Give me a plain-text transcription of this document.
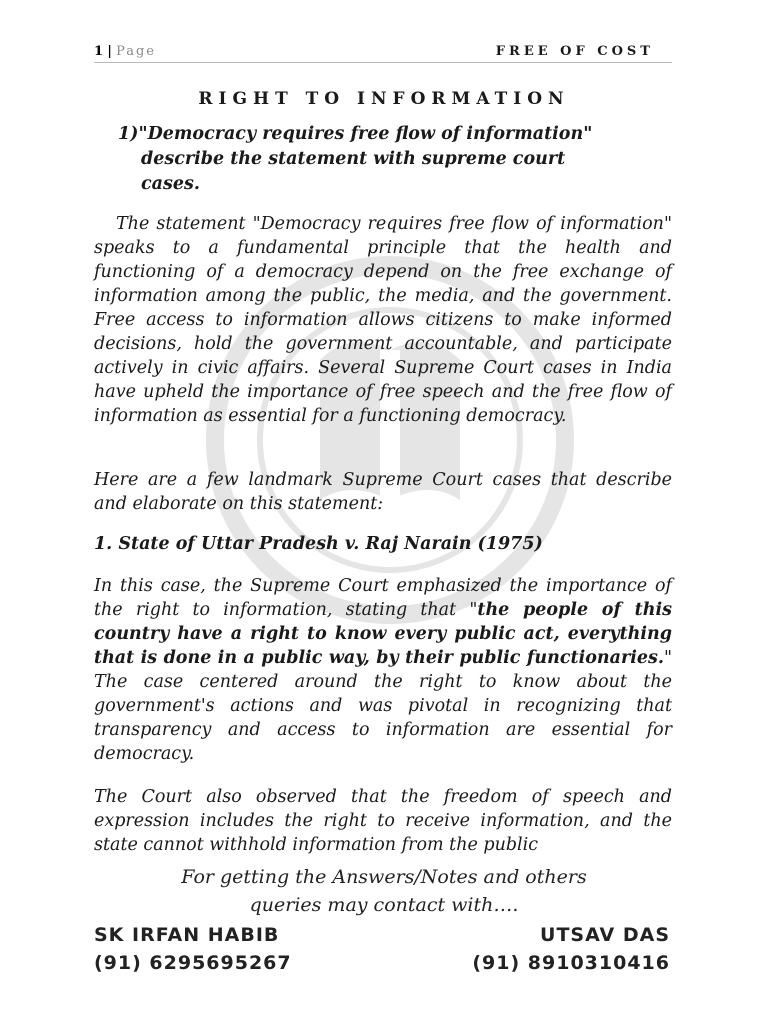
1 | Page	FREE OF COST
RIGHT TO INFORMATION
1)"Democracy requires free flow of information"
describe the statement with supreme court
cases.
The statement "Democracy requires free flow of information" speaks to a fundamental principle that the health and functioning of a democracy depend on the free exchange of information among the public, the media, and the government. Free access to information allows citizens to make informed decisions, hold the government accountable, and participate actively in civic affairs. Several Supreme Court cases in India have upheld the importance of free speech and the free flow of information as essential for a functioning democracy.
Here are a few landmark Supreme Court cases that describe and elaborate on this statement:
1. State of Uttar Pradesh v. Raj Narain (1975)
In this case, the Supreme Court emphasized the importance of the right to information, stating that "the people of this country have a right to know every public act, everything that is done in a public way, by their public functionaries." The case centered around the right to know about the government's actions and was pivotal in recognizing that transparency and access to information are essential for democracy.
The Court also observed that the freedom of speech and expression includes the right to receive information, and the state cannot withhold information from the public
For getting the Answers/Notes and others
queries may contact with….
SK IRFAN HABIB
(91) 6295695267
UTSAV DAS
(91) 8910310416
